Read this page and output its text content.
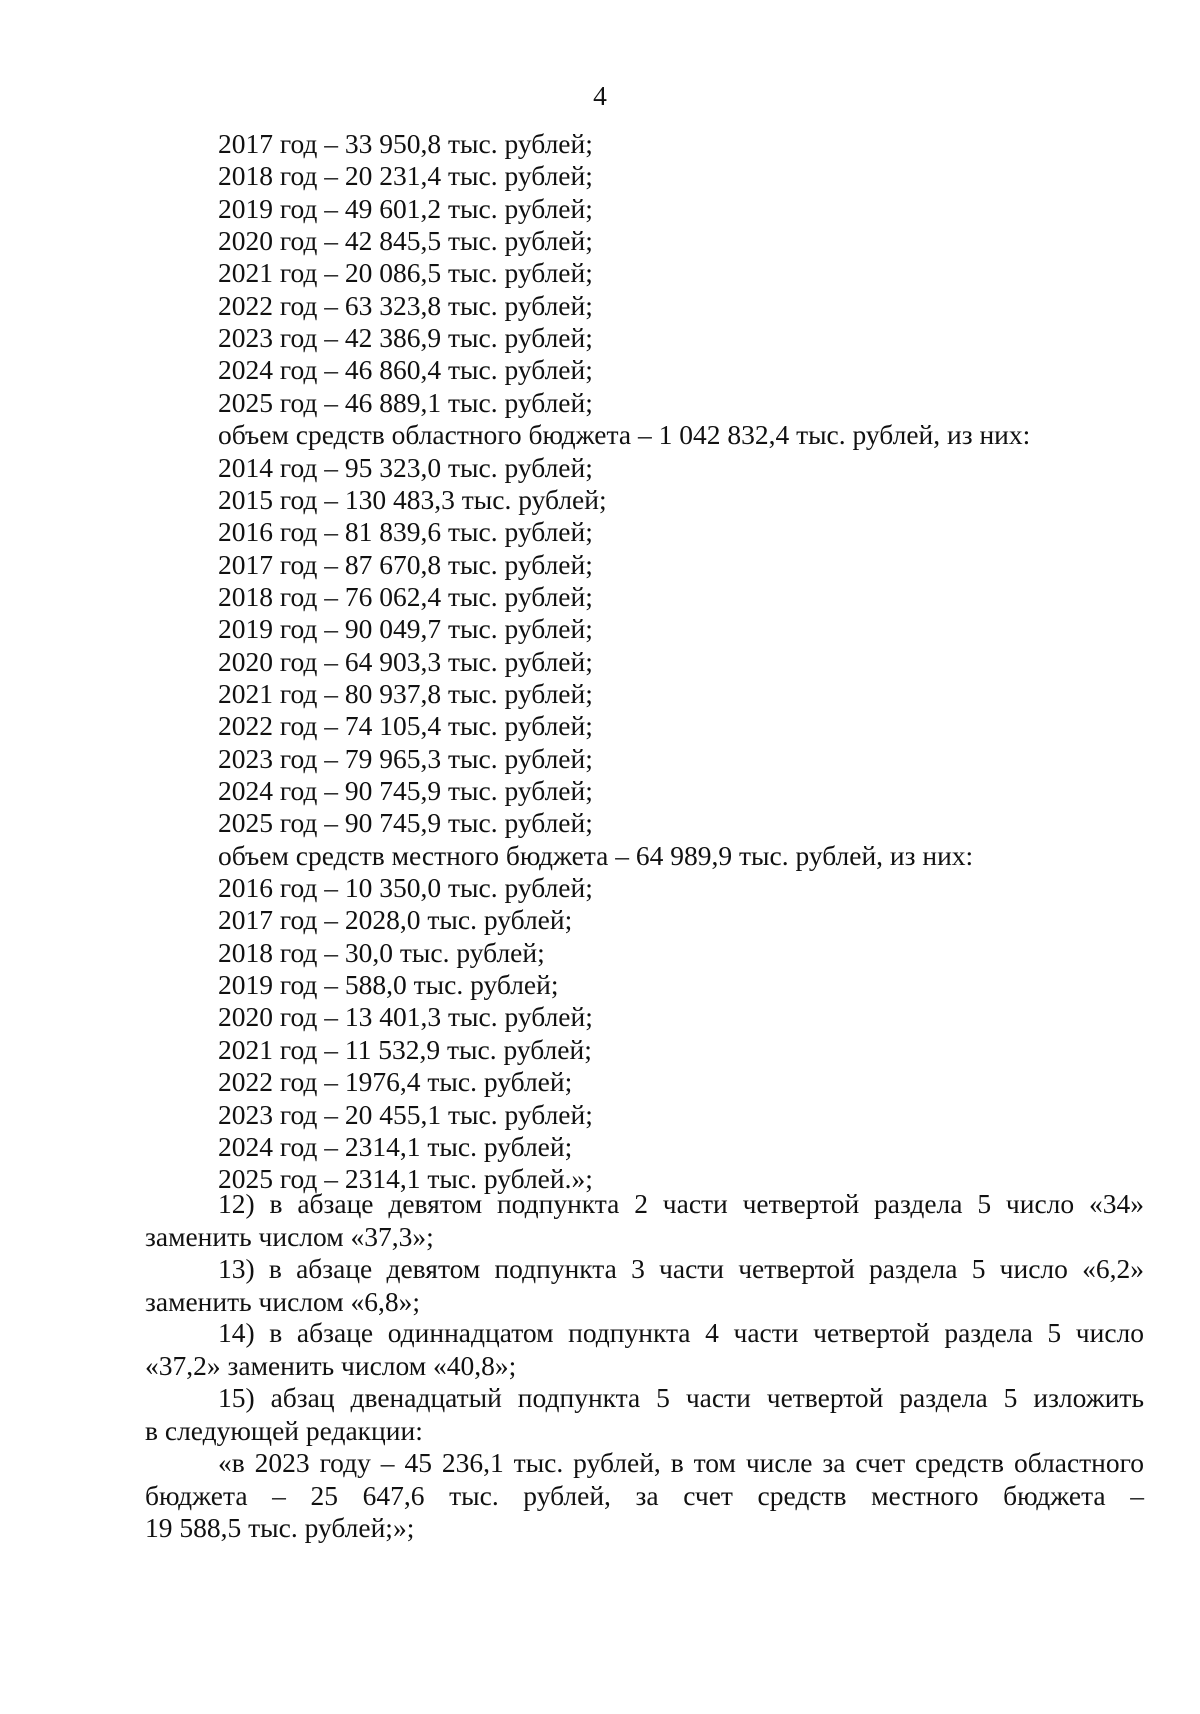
4
2017 год – 33 950,8 тыс. рублей;
2018 год – 20 231,4 тыс. рублей;
2019 год – 49 601,2 тыс. рублей;
2020 год – 42 845,5 тыс. рублей;
2021 год – 20 086,5 тыс. рублей;
2022 год – 63 323,8 тыс. рублей;
2023 год – 42 386,9 тыс. рублей;
2024 год – 46 860,4 тыс. рублей;
2025 год – 46 889,1 тыс. рублей;
объем средств областного бюджета – 1 042 832,4 тыс. рублей, из них:
2014 год – 95 323,0 тыс. рублей;
2015 год – 130 483,3 тыс. рублей;
2016 год – 81 839,6 тыс. рублей;
2017 год – 87 670,8 тыс. рублей;
2018 год – 76 062,4 тыс. рублей;
2019 год – 90 049,7 тыс. рублей;
2020 год – 64 903,3 тыс. рублей;
2021 год – 80 937,8 тыс. рублей;
2022 год – 74 105,4 тыс. рублей;
2023 год – 79 965,3 тыс. рублей;
2024 год – 90 745,9 тыс. рублей;
2025 год – 90 745,9 тыс. рублей;
объем средств местного бюджета – 64 989,9 тыс. рублей, из них:
2016 год – 10 350,0 тыс. рублей;
2017 год – 2028,0 тыс. рублей;
2018 год – 30,0 тыс. рублей;
2019 год – 588,0 тыс. рублей;
2020 год – 13 401,3 тыс. рублей;
2021 год – 11 532,9 тыс. рублей;
2022 год – 1976,4 тыс. рублей;
2023 год – 20 455,1 тыс. рублей;
2024 год – 2314,1 тыс. рублей;
2025 год – 2314,1 тыс. рублей.»;
12) в абзаце девятом подпункта 2 части четвертой раздела 5 число «34»
заменить числом «37,3»;
13) в абзаце девятом подпункта 3 части четвертой раздела 5 число «6,2»
заменить числом «6,8»;
14) в абзаце одиннадцатом подпункта 4 части четвертой раздела 5 число
«37,2» заменить числом «40,8»;
15) абзац двенадцатый подпункта 5 части четвертой раздела 5 изложить
в следующей редакции:
«в 2023 году – 45 236,1 тыс. рублей, в том числе за счет средств областного
бюджета – 25 647,6 тыс. рублей, за счет средств местного бюджета –
19 588,5 тыс. рублей;»;
